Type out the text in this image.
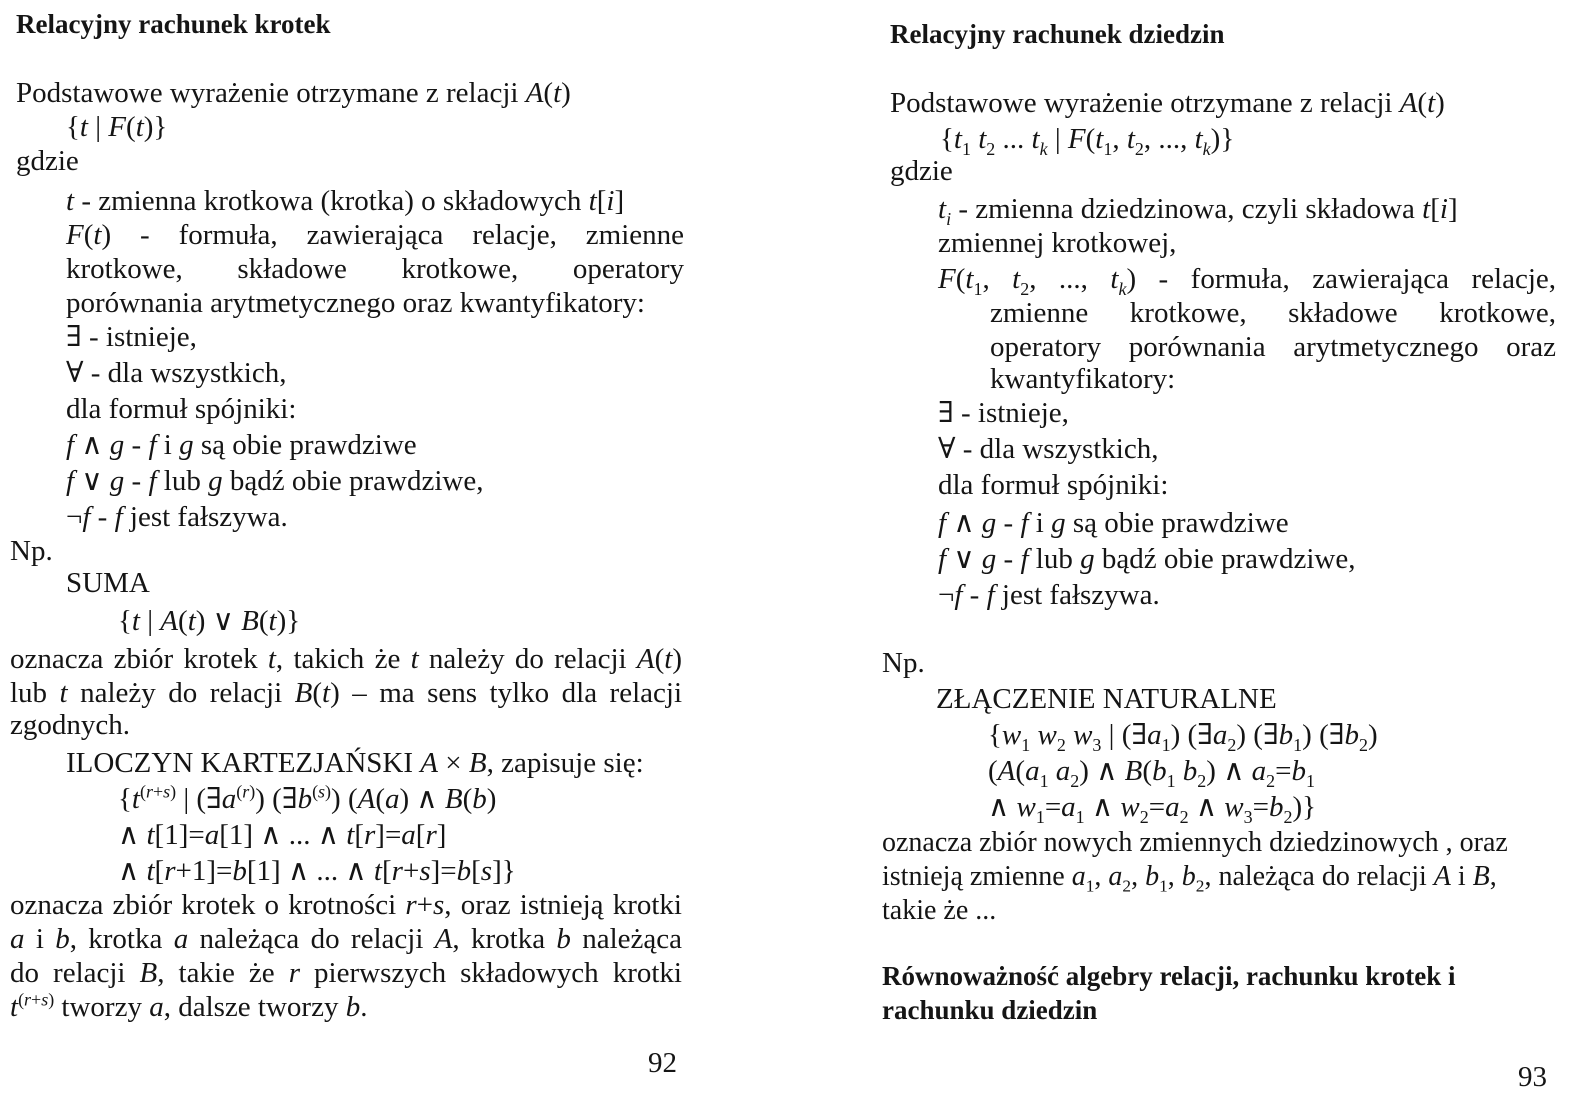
Relacyjny rachunek krotek
Podstawowe wyrażenie otrzymane z relacji A(t)
{t | F(t)}
gdzie
t - zmienna krotkowa (krotka) o składowych t[i]
F(t) - formuła, zawierająca relacje, zmienne
krotkowe, składowe krotkowe, operatory
porównania arytmetycznego oraz kwantyfikatory:
∃ - istnieje,
∀ - dla wszystkich,
dla formuł spójniki:
f ∧ g - f i g są obie prawdziwe
f ∨ g - f lub g bądź obie prawdziwe,
¬f - f jest fałszywa.
Np.
SUMA
{t | A(t) ∨ B(t)}
oznacza zbiór krotek t, takich że t należy do relacji A(t)
lub t należy do relacji B(t) – ma sens tylko dla relacji
zgodnych.
ILOCZYN KARTEZJAŃSKI A × B, zapisuje się:
{$t^{(r+s)}$ | $(\exists a^{(r)})$ $(\exists b^{(s)})$ (A(a) ∧ B(b)
∧ t[1]=a[1] ∧ ... ∧ t[r]=a[r]
∧ t[r+1]=b[1] ∧ ... ∧ t[r+s]=b[s]}
oznacza zbiór krotek o krotności r+s, oraz istnieją krotki
a i b, krotka a należąca do relacji A, krotka b należąca
do relacji B, takie że r pierwszych składowych krotki
$t^{(r+s)}$ tworzy a, dalsze tworzy b.
92
Relacyjny rachunek dziedzin
Podstawowe wyrażenie otrzymane z relacji A(t)
{$t_1$ $t_2$ ... $t_k$ | $F(t_1$, $t_2$, ..., $t_k$)}
gdzie
$t_i$ - zmienna dziedzinowa, czyli składowa t[i]
zmiennej krotkowej,
$F(t_1$, $t_2$, ..., $t_k$) - formuła, zawierająca relacje,
zmienne krotkowe, składowe krotkowe,
operatory porównania arytmetycznego oraz
kwantyfikatory:
∃ - istnieje,
∀ - dla wszystkich,
dla formuł spójniki:
f ∧ g - f i g są obie prawdziwe
f ∨ g - f lub g bądź obie prawdziwe,
¬f - f jest fałszywa.
Np.
ZŁĄCZENIE NATURALNE
{$w_1$ $w_2$ $w_3$ | $(\exists a_1)$ $(\exists a_2)$ $(\exists b_1)$ $(\exists b_2)$
($A(a_1$ $a_2$) ∧ $B(b_1$ $b_2$) ∧ $a_2=b_1$
∧ $w_1=a_1$ ∧ $w_2=a_2$ ∧ $w_3=b_2$)}
oznacza zbiór nowych zmiennych dziedzinowych , oraz
istnieją zmienne $a_1$, $a_2$, $b_1$, $b_2$, należąca do relacji A i B,
takie że ...
Równoważność algebry relacji, rachunku krotek i
rachunku dziedzin
93
